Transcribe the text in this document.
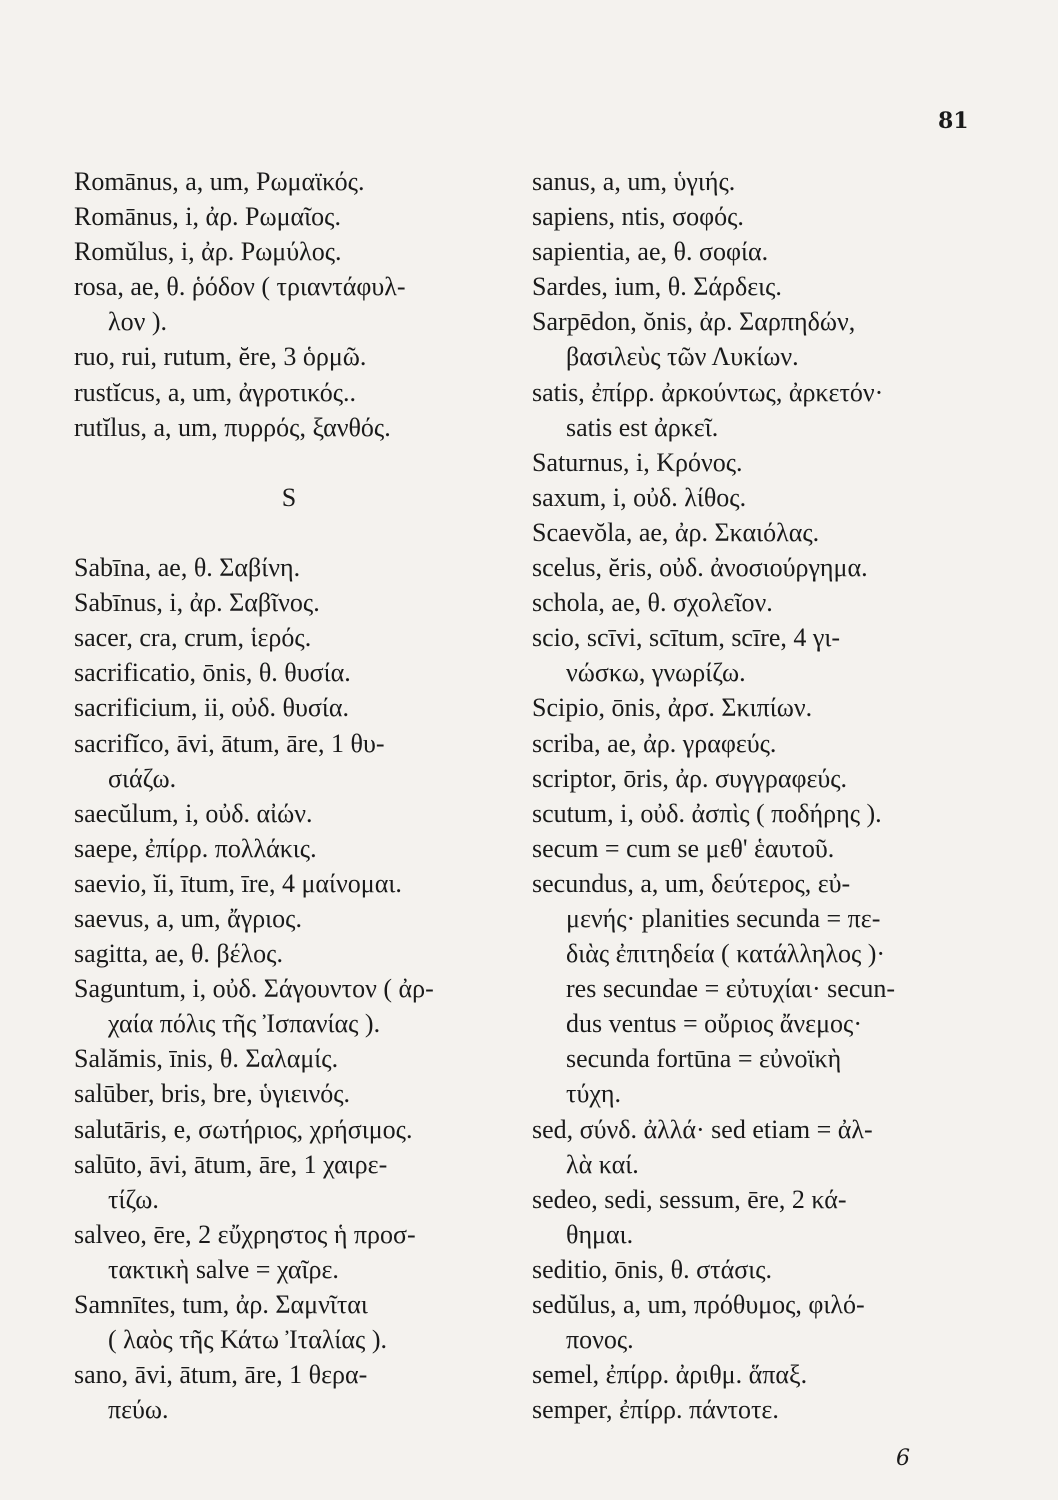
81
Romānus, a, um, Ρωμαϊκός.
Romānus, i, ἀρ. Ρωμαῖος.
Romŭlus, i, ἀρ. Ρωμύλος.
rosa, ae, θ. ῥόδον ( τριαντάφυλ-
λον ).
ruo, rui, rutum, ĕre, 3 ὁρμῶ.
rustĭcus, a, um, ἀγροτικός..
rutĭlus, a, um, πυρρός, ξανθός.
S
Sabīna, ae, θ. Σαβίνη.
Sabīnus, i, ἀρ. Σαβῖνος.
sacer, cra, crum, ἱερός.
sacrificatio, ōnis, θ. θυσία.
sacrificium, ii, οὐδ. θυσία.
sacrifĭco, āvi, ātum, āre, 1 θυ-
σιάζω.
saecŭlum, i, οὐδ. αἰών.
saepe, ἐπίρρ. πολλάκις.
saevio, ĭi, ītum, īre, 4 μαίνομαι.
saevus, a, um, ἄγριος.
sagitta, ae, θ. βέλος.
Saguntum, i, οὐδ. Σάγουντον ( ἀρ-
χαία πόλις τῆς Ἰσπανίας ).
Salămis, īnis, θ. Σαλαμίς.
salūber, bris, bre, ὑγιεινός.
salutāris, e, σωτήριος, χρήσιμος.
salūto, āvi, ātum, āre, 1 χαιρε-
τίζω.
salveo, ēre, 2 εὔχρηστος ἡ προσ-
τακτικὴ salve = χαῖρε.
Samnītes, tum, ἀρ. Σαμνῖται
( λαὸς τῆς Κάτω Ἰταλίας ).
sano, āvi, ātum, āre, 1 θερα-
πεύω.
sanus, a, um, ὑγιής.
sapiens, ntis, σοφός.
sapientia, ae, θ. σοφία.
Sardes, ium, θ. Σάρδεις.
Sarpēdon, ŏnis, ἀρ. Σαρπηδών,
βασιλεὺς τῶν Λυκίων.
satis, ἐπίρρ. ἀρκούντως, ἀρκετόν·
satis est ἀρκεῖ.
Saturnus, i, Κρόνος.
saxum, i, οὐδ. λίθος.
Scaevŏla, ae, ἀρ. Σκαιόλας.
scelus, ĕris, οὐδ. ἀνοσιούργημα.
schola, ae, θ. σχολεῖον.
scio, scīvi, scītum, scīre, 4 γι-
νώσκω, γνωρίζω.
Scipio, ōnis, ἀρσ. Σκιπίων.
scriba, ae, ἀρ. γραφεύς.
scriptor, ōris, ἀρ. συγγραφεύς.
scutum, i, οὐδ. ἀσπὶς ( ποδήρης ).
secum = cum se μεθ' ἑαυτοῦ.
secundus, a, um, δεύτερος, εὐ-
μενής· planities secunda = πε-
διὰς ἐπιτηδεία ( κατάλληλος )·
res secundae = εὐτυχίαι· secun-
dus ventus = οὔριος ἄνεμος·
secunda fortūna = εὐνοϊκὴ
τύχη.
sed, σύνδ. ἀλλά· sed etiam = ἀλ-
λὰ καί.
sedeo, sedi, sessum, ēre, 2 κά-
θημαι.
seditio, ōnis, θ. στάσις.
sedŭlus, a, um, πρόθυμος, φιλό-
πονος.
semel, ἐπίρρ. ἀριθμ. ἅπαξ.
semper, ἐπίρρ. πάντοτε.
6
